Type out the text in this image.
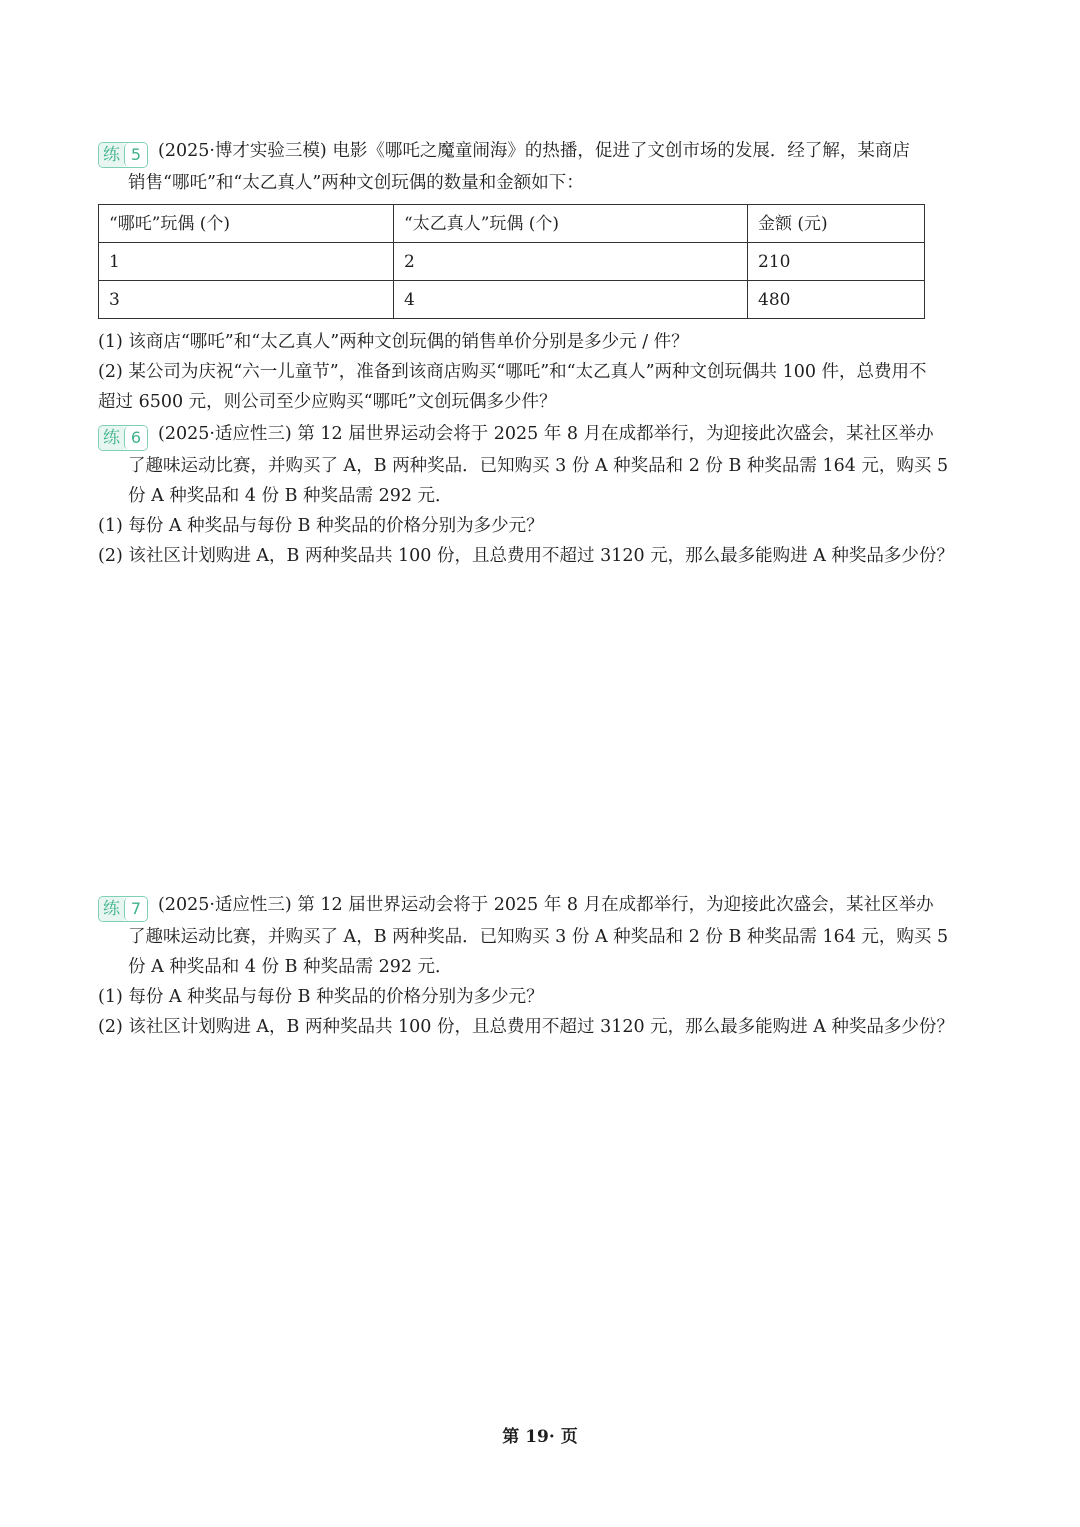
练 5 (2025·博才实验三模) 电影《哪吒之魔童闹海》的热播，促进了文创市场的发展．经了解，某商店
销售“哪吒”和“太乙真人”两种文创玩偶的数量和金额如下：
“哪吒”玩偶 (个)	“太乙真人”玩偶 (个)	金额 (元)
1	2	210
3	4	480
(1) 该商店“哪吒”和“太乙真人”两种文创玩偶的销售单价分别是多少元 / 件？
(2) 某公司为庆祝“六一儿童节”，准备到该商店购买“哪吒”和“太乙真人”两种文创玩偶共 100 件，总费用不
超过 6500 元，则公司至少应购买“哪吒”文创玩偶多少件？
练 6 (2025·适应性三) 第 12 届世界运动会将于 2025 年 8 月在成都举行，为迎接此次盛会，某社区举办
了趣味运动比赛，并购买了 A，B 两种奖品．已知购买 3 份 A 种奖品和 2 份 B 种奖品需 164 元，购买 5
份 A 种奖品和 4 份 B 种奖品需 292 元．
(1) 每份 A 种奖品与每份 B 种奖品的价格分别为多少元？
(2) 该社区计划购进 A，B 两种奖品共 100 份，且总费用不超过 3120 元，那么最多能购进 A 种奖品多少份？
练 7 (2025·适应性三) 第 12 届世界运动会将于 2025 年 8 月在成都举行，为迎接此次盛会，某社区举办
了趣味运动比赛，并购买了 A，B 两种奖品．已知购买 3 份 A 种奖品和 2 份 B 种奖品需 164 元，购买 5
份 A 种奖品和 4 份 B 种奖品需 292 元．
(1) 每份 A 种奖品与每份 B 种奖品的价格分别为多少元？
(2) 该社区计划购进 A，B 两种奖品共 100 份，且总费用不超过 3120 元，那么最多能购进 A 种奖品多少份？
第 19· 页
